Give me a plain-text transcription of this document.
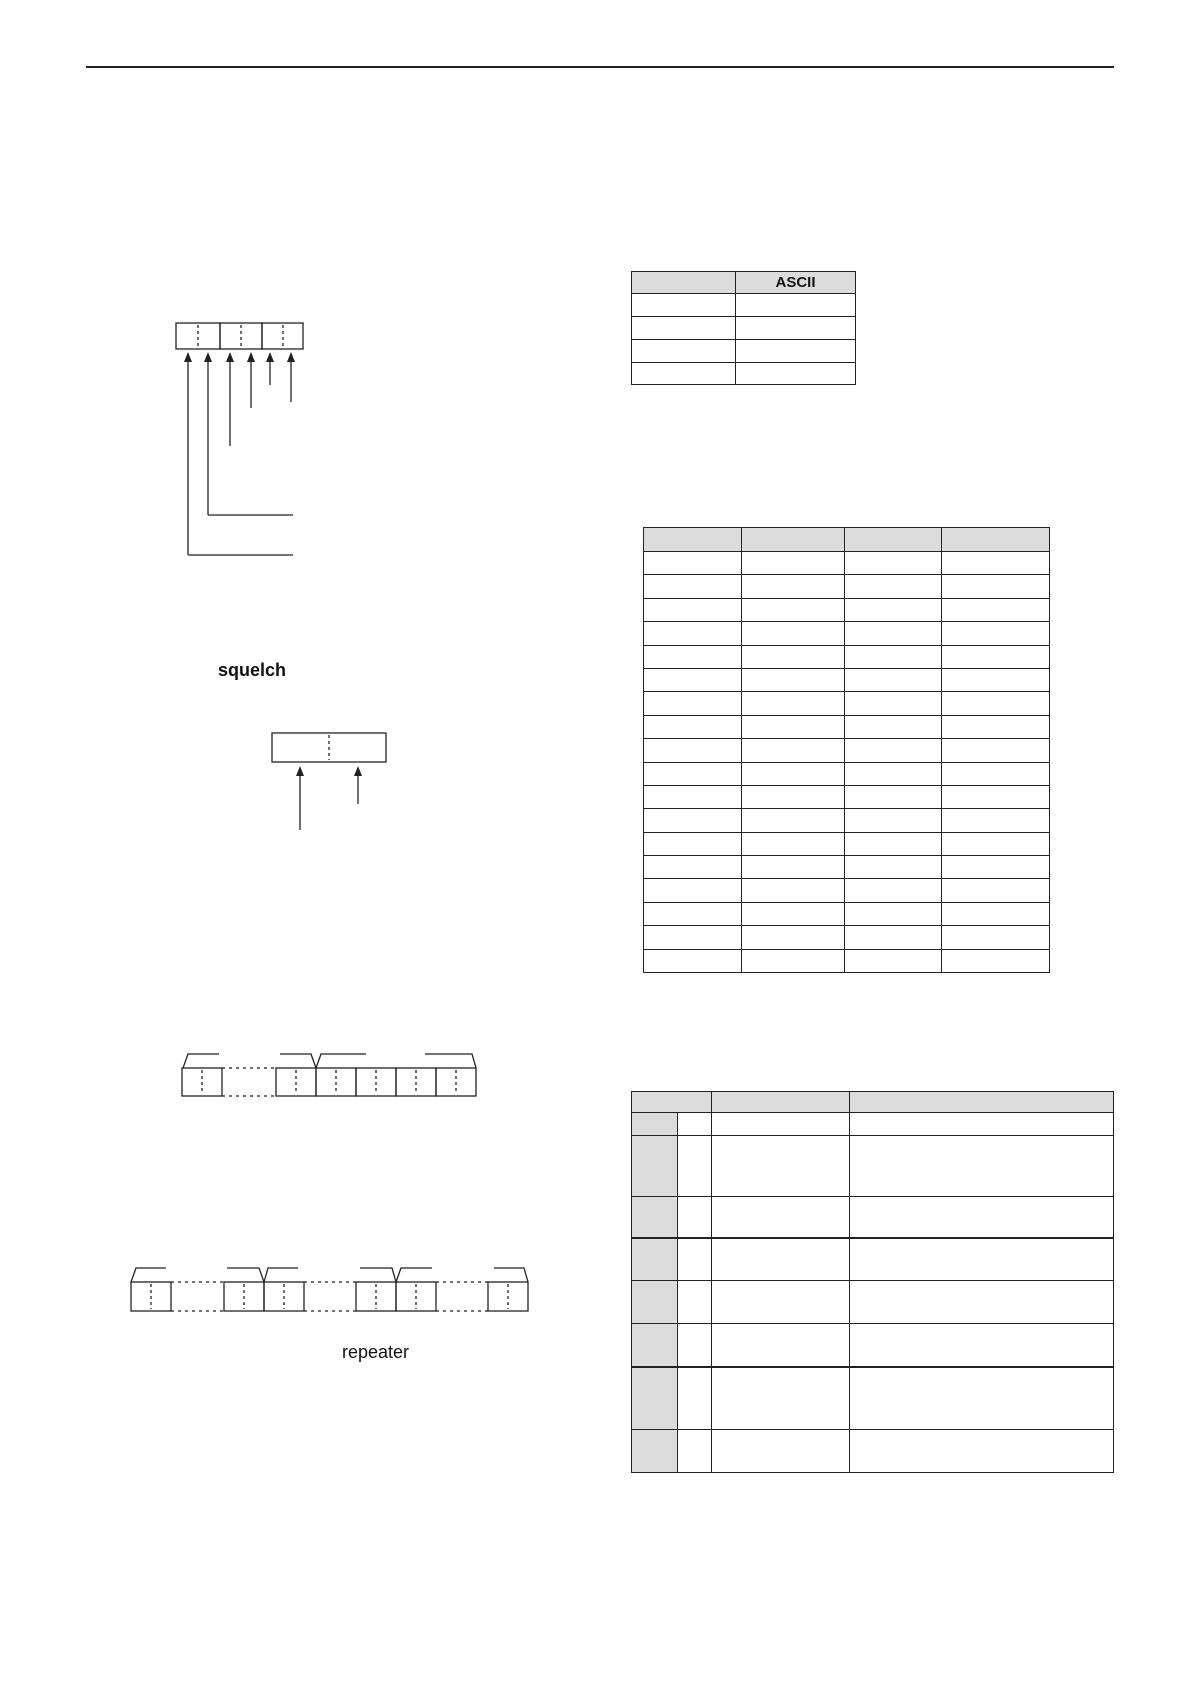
squelch
repeater
	ASCII
